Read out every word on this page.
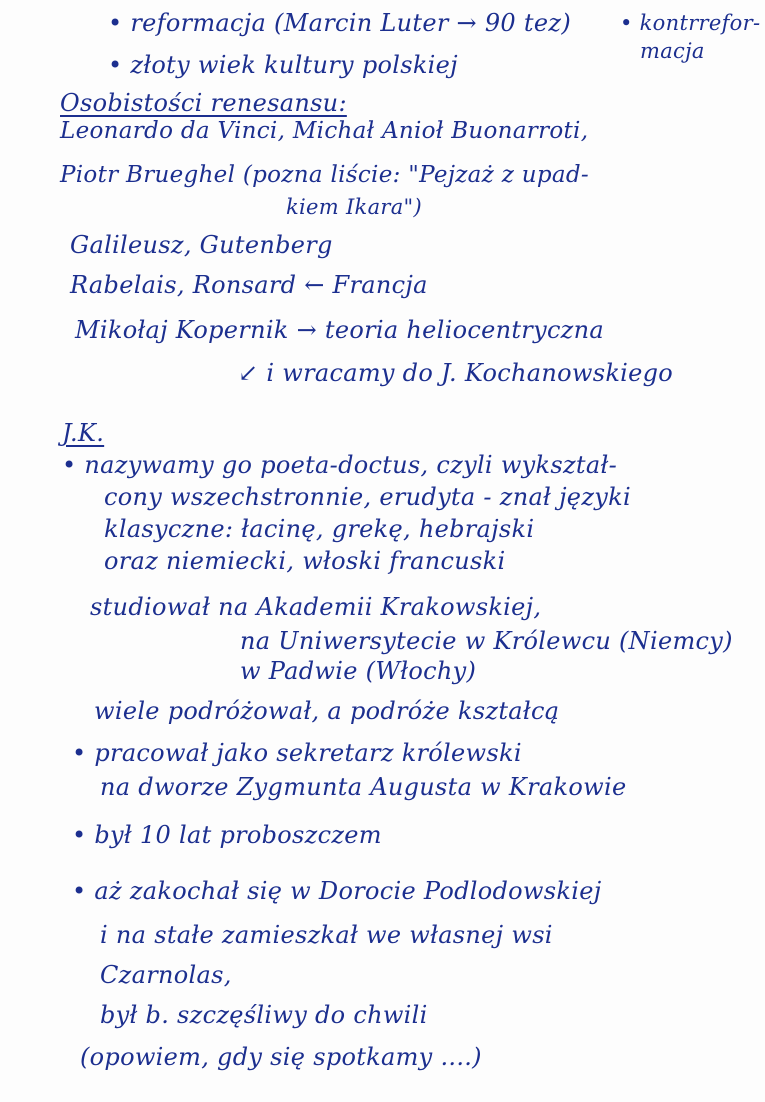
• reformacja (Marcin Luter → 90 tez) • kontrrefor-
macja
• złoty wiek kultury polskiej
Osobistości renesansu:
Leonardo da Vinci, Michał Anioł Buonarroti,
Piotr Brueghel (pozna liście: "Pejzaż z upad-
kiem Ikara")
Galileusz, Gutenberg
Rabelais, Ronsard ← Francja
Mikołaj Kopernik → teoria heliocentryczna
↙ i wracamy do J. Kochanowskiego
J.K.
• nazywamy go poeta-doctus, czyli wykształ-
cony wszechstronnie, erudyta - znał języki
klasyczne: łacinę, grekę, hebrajski
oraz niemiecki, włoski francuski
studiował na Akademii Krakowskiej,
na Uniwersytecie w Królewcu (Niemcy)
w Padwie (Włochy)
wiele podróżował, a podróże kształcą
• pracował jako sekretarz królewski
na dworze Zygmunta Augusta w Krakowie
• był 10 lat proboszczem
• aż zakochał się w Dorocie Podlodowskiej
i na stałe zamieszkał we własnej wsi
Czarnolas,
był b. szczęśliwy do chwili
(opowiem, gdy się spotkamy ....)
